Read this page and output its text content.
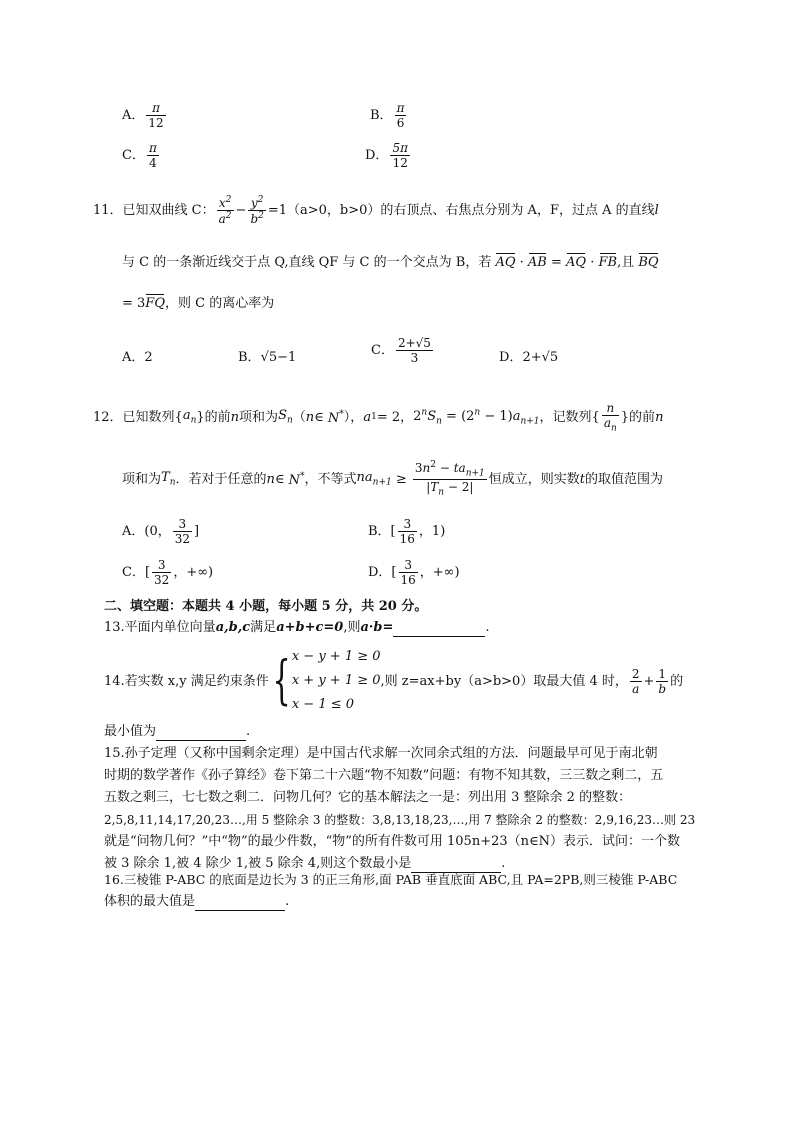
A． $\frac{\pi}{12}$	B． $\frac{\pi}{6}$
C． $\frac{\pi}{4}$	D． $\frac{5\pi}{12}$
11．已知双曲线 C： $\frac{x^2}{a^2} - \frac{y^2}{b^2} =1(a>0$，b>0）的右顶点、右焦点分别为 A，F，过点 A 的直线l
与 C 的一条渐近线交于点 Q,直线 QF 与 C 的一个交点为 B，若 AQ · AB = AQ · FB,且 BQ
= 3FQ，则 C 的离心率为
A．2	B．√5−1	C． $\frac{2+√5}{3}$	D．2+√5
12．已知数列$\{a_n\}$的前n项和为$S_n(n\in$ N*），a1= 2，$2^nS_n = (2^n - 1)a_{n+1}$，记数列{ $\frac{n}{a_n}$ }的前n
项和为$T_n$．若对于任意的n∈ N*，不等式$na_{n+1} \ge \frac{3n^2 - ta_{n+1}}{|T_n - 2|}$ 恒成立，则实数t的取值范围为
A．(0， $\frac{3}{32}$ ]	B．[ $\frac{3}{16}$ ，1)
C．[ $\frac{3}{32}$ ，+∞)	D．[ $\frac{3}{16}$ ，+∞)
二、填空题：本题共 4 小题，每小题 5 分，共 20 分。
13.平面内单位向量a,b,c满足a+b+c=0,则a·b=	.
14.若实数 x,y 满足约束条件 { x − y + 1 ≥ 0
x + y + 1 ≥ 0
x − 1 ≤ 0
,则 z=ax+by（a>b>0）取最大值 4 时， $\frac{2}{a} + \frac{1}{b}$ 的
最小值为	.
15.孙子定理（又称中国剩余定理）是中国古代求解一次同余式组的方法．问题最早可见于南北朝
时期的数学著作《孙子算经》卷下第二十六题“物不知数”问题：有物不知其数，三三数之剩二，五
五数之剩三，七七数之剩二．问物几何？它的基本解法之一是：列出用 3 整除余 2 的整数：
2,5,8,11,14,17,20,23…,用 5 整除余 3 的整数：3,8,13,18,23,…,用 7 整除余 2 的整数：2,9,16,23…则 23
就是“问物几何？”中“物”的最少件数，“物”的所有件数可用 105n+23（n∈N）表示．试问：一个数
被 3 除余 1,被 4 除少 1,被 5 除余 4,则这个数最小是	.
16.三棱锥 P-ABC 的底面是边长为 3 的正三角形,面 PAB 垂直底面 ABC,且 PA=2PB,则三棱锥 P-ABC
体积的最大值是	.
